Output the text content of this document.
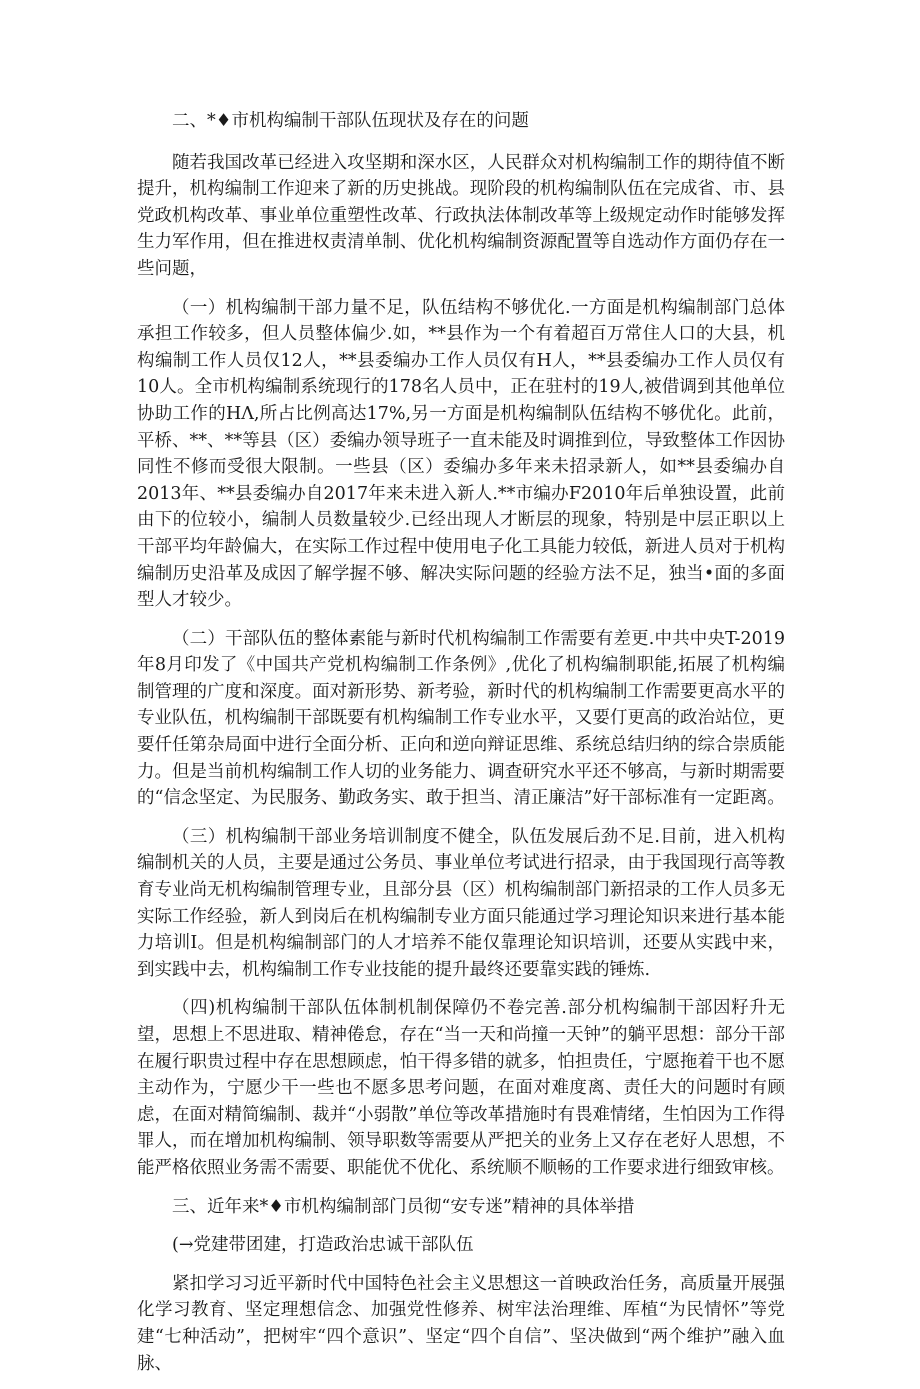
二、*♦市机构编制干部队伍现状及存在的问题

随若我国改革已经进入攻坚期和深水区，人民群众对机构编制工作的期待值不断提升，机构编制工作迎来了新的历史挑战。现阶段的机构编制队伍在完成省、市、县党政机构改革、事业单位重塑性改革、行政执法体制改革等上级规定动作时能够发挥生力军作用，但在推进权责清单制、优化机构编制资源配置等自选动作方面仍存在一些问题，

（一）机构编制干部力量不足，队伍结构不够优化.一方面是机构编制部门总体承担工作较多，但人员整体偏少.如，**县作为一个有着超百万常住人口的大县，机构编制工作人员仅12人，**县委编办工作人员仅有H人，**县委编办工作人员仅有10人。全市机构编制系统现行的178名人员中，正在驻村的19人,被借调到其他单位协助工作的HΛ,所占比例高达17%,另一方面是机构编制队伍结构不够优化。此前，平桥、**、**等县（区）委编办领导班子一直未能及时调推到位，导致整体工作因协同性不修而受很大限制。一些县（区）委编办多年来未招录新人，如**县委编办自2013年、**县委编办自2017年来未进入新人.**市编办F2010年后单独设置，此前由下的位较小，编制人员数量较少.已经出现人才断层的现象，特别是中层正职以上干部平均年龄偏大，在实际工作过程中使用电子化工具能力较低，新进人员对于机构编制历史沿革及成因了解学握不够、解决实际问题的经验方法不足，独当•面的多面型人才较少。

（二）干部队伍的整体素能与新时代机构编制工作需要有差更.中共中央T-2019年8月印发了《中国共产党机构编制工作条例》,优化了机构编制职能,拓展了机构编制管理的广度和深度。面对新形势、新考验，新时代的机构编制工作需要更高水平的专业队伍，机构编制干部既要有机构编制工作专业水平，又要仃更高的政治站位，更要仟任第杂局面中进行全面分析、正向和逆向辩证思维、系统总结归纳的综合崇质能力。但是当前机构编制工作人切的业务能力、调查研究水平还不够高，与新时期需要的“信念坚定、为民服务、勤政务实、敢于担当、清正廉洁”好干部标准有一定距离。

（三）机构编制干部业务培训制度不健全，队伍发展后劲不足.目前，进入机构编制机关的人员，主要是通过公务员、事业单位考试进行招录，由于我国现行高等教育专业尚无机构编制管理专业，且部分县（区）机构编制部门新招录的工作人员多无实际工作经验，新人到岗后在机构编制专业方面只能通过学习理论知识来进行基本能力培训I。但是机构编制部门的人才培养不能仅靠理论知识培训，还要从实践中来，到实践中去，机构编制工作专业技能的提升最终还要靠实践的锤炼.

（四)机构编制干部队伍体制机制保障仍不卷完善.部分机构编制干部因籽升无望，思想上不思进取、精神倦怠，存在“当一天和尚撞一天钟”的躺平思想：部分干部在履行职贵过程中存在思想顾虑，怕干得多错的就多，怕担贵任，宁愿拖着干也不愿主动作为，宁愿少干一些也不愿多思考问题，在面对难度离、责任大的问题时有顾虑，在面对精简编制、裁并“小弱散”单位等改革措施时有畏难情绪，生怕因为工作得罪人，而在增加机构编制、领导职数等需要从严把关的业务上又存在老好人思想，不能严格依照业务需不需要、职能优不优化、系统顺不顺畅的工作要求进行细致审核。

三、近年来*♦市机构编制部门员彻“安专迷”精神的具体举措

(→党建带团建，打造政治忠诚干部队伍

紧扣学习习近平新时代中国特色社会主义思想这一首映政治任务，高质量开展强化学习教育、坚定理想信念、加强党性修养、树牢法治理维、厍植“为民情怀”等党建“七种活动”，把树牢“四个意识”、坚定“四个自信”、坚决做到“两个维护”融入血脉、
